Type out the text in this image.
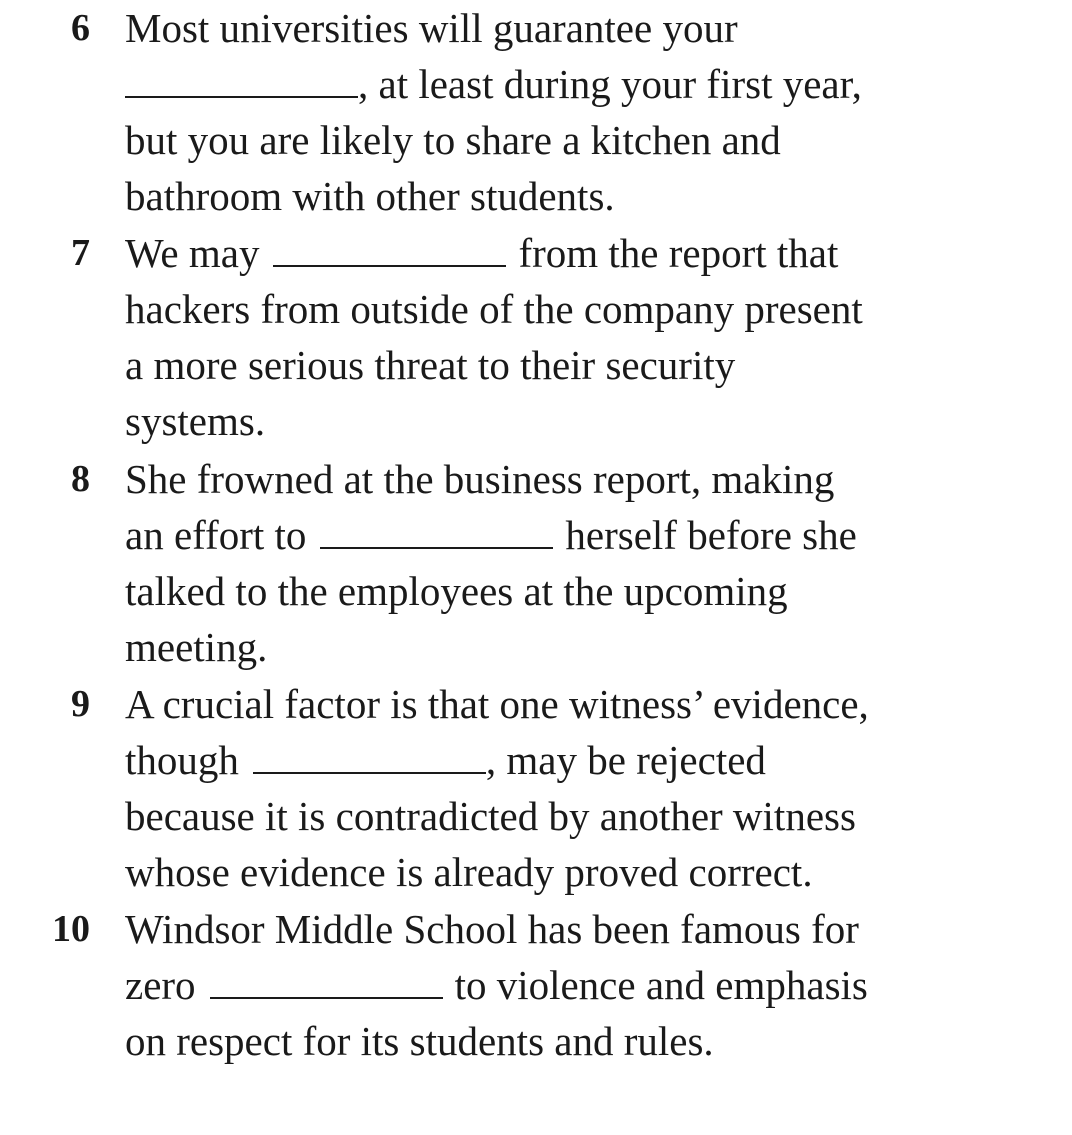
6 Most universities will guarantee your
, at least during your first year,
but you are likely to share a kitchen and
bathroom with other students.
7 We may	from the report that
hackers from outside of the company present
a more serious threat to their security
systems.
8 She frowned at the business report, making
an effort to	herself before she
talked to the employees at the upcoming
meeting.
9 A crucial factor is that one witness’ evidence,
though	, may be rejected
because it is contradicted by another witness
whose evidence is already proved correct.
10 Windsor Middle School has been famous for
zero	to violence and emphasis
on respect for its students and rules.
